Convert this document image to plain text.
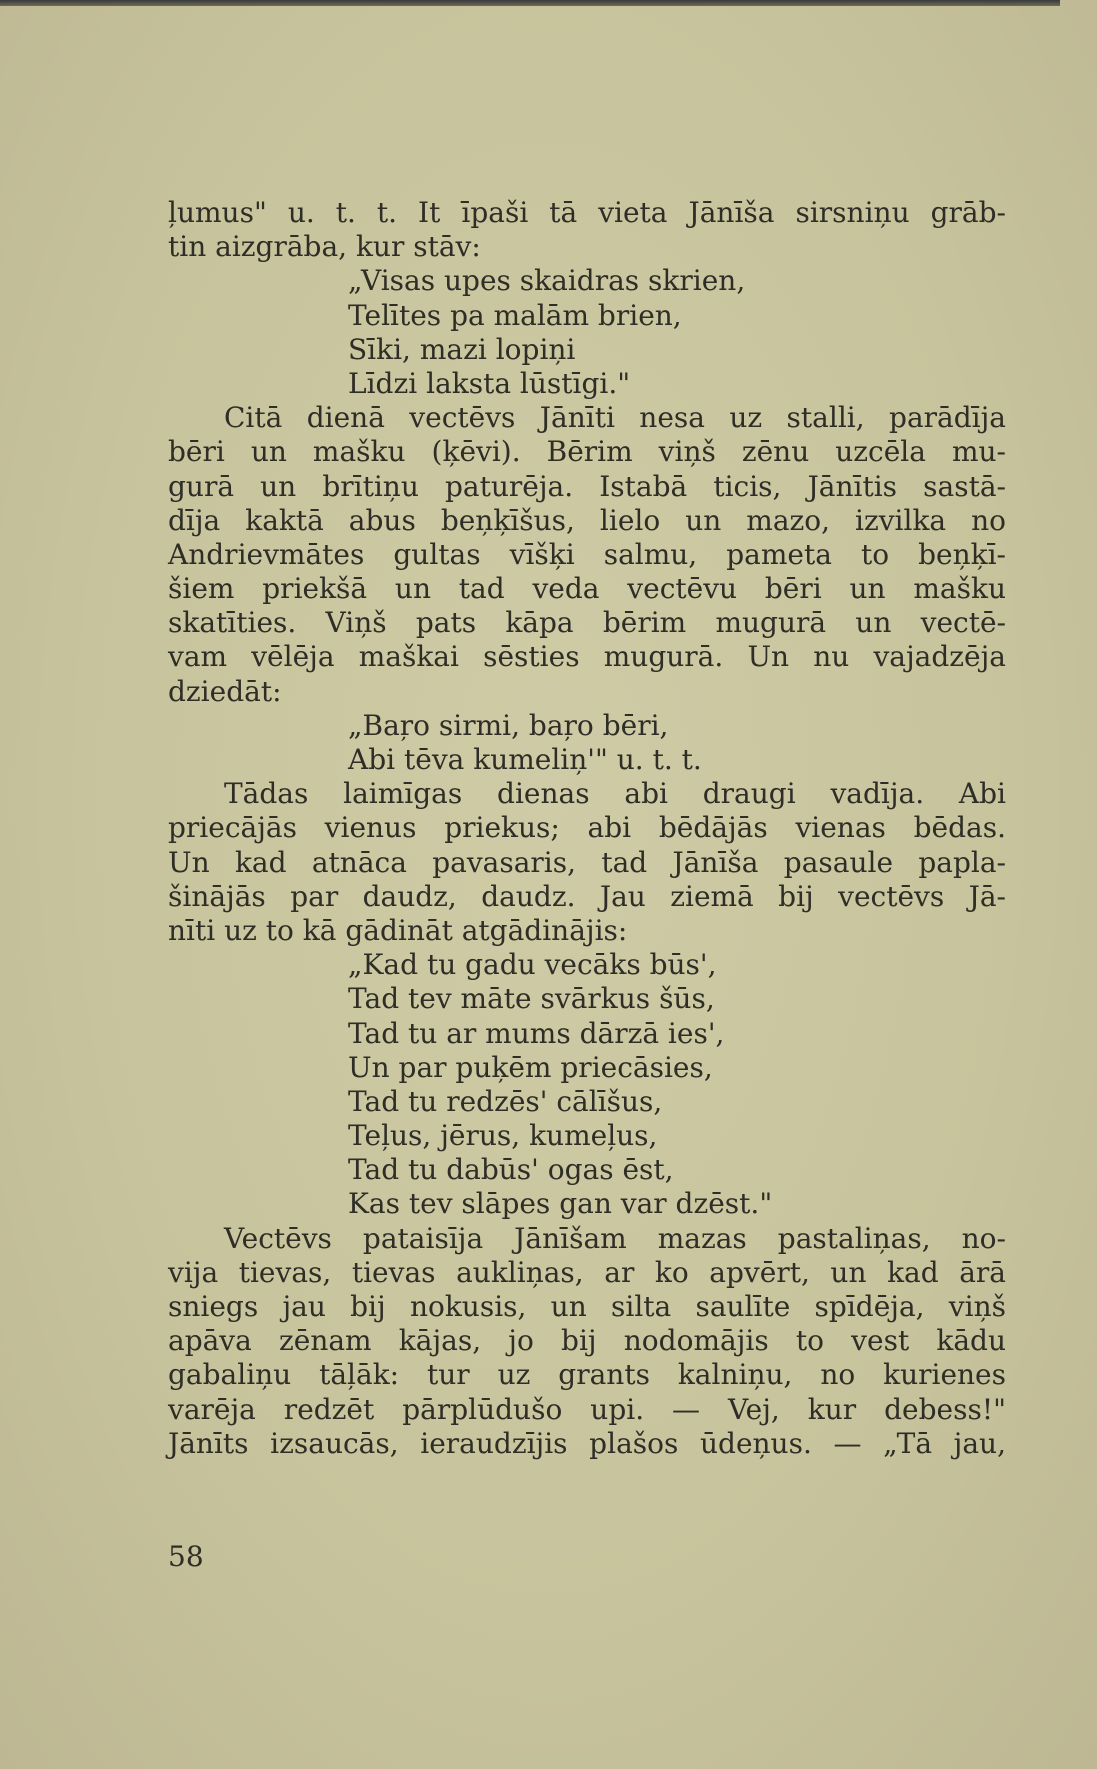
ļumus" u. t. t. It īpaši tā vieta Jānīša sirsniņu grāb-
tin aizgrāba, kur stāv:
„Visas upes skaidras skrien,
Telītes pa malām brien,
Sīki, mazi lopiņi
Līdzi laksta lūstīgi."
Citā dienā vectēvs Jānīti nesa uz stalli, parādīja
bēri un mašku (ķēvi). Bērim viņš zēnu uzcēla mu-
gurā un brītiņu paturēja. Istabā ticis, Jānītis sastā-
dīja kaktā abus beņķīšus, lielo un mazo, izvilka no
Andrievmātes gultas vīšķi salmu, pameta to beņķī-
šiem priekšā un tad veda vectēvu bēri un mašku
skatīties. Viņš pats kāpa bērim mugurā un vectē-
vam vēlēja maškai sēsties mugurā. Un nu vajadzēja
dziedāt:
„Baŗo sirmi, baŗo bēri,
Abi tēva kumeliņ'" u. t. t.
Tādas laimīgas dienas abi draugi vadīja. Abi
priecājās vienus priekus; abi bēdājās vienas bēdas.
Un kad atnāca pavasaris, tad Jānīša pasaule papla-
šinājās par daudz, daudz. Jau ziemā bij vectēvs Jā-
nīti uz to kā gādināt atgādinājis:
„Kad tu gadu vecāks būs',
Tad tev māte svārkus šūs,
Tad tu ar mums dārzā ies',
Un par puķēm priecāsies,
Tad tu redzēs' cālīšus,
Teļus, jērus, kumeļus,
Tad tu dabūs' ogas ēst,
Kas tev slāpes gan var dzēst."
Vectēvs pataisīja Jānīšam mazas pastaliņas, no-
vija tievas, tievas aukliņas, ar ko apvērt, un kad ārā
sniegs jau bij nokusis, un silta saulīte spīdēja, viņš
apāva zēnam kājas, jo bij nodomājis to vest kādu
gabaliņu tāļāk: tur uz grants kalniņu, no kurienes
varēja redzēt pārplūdušo upi. — Vej, kur debess!"
Jānīts izsaucās, ieraudzījis plašos ūdeņus. — „Tā jau,
58
